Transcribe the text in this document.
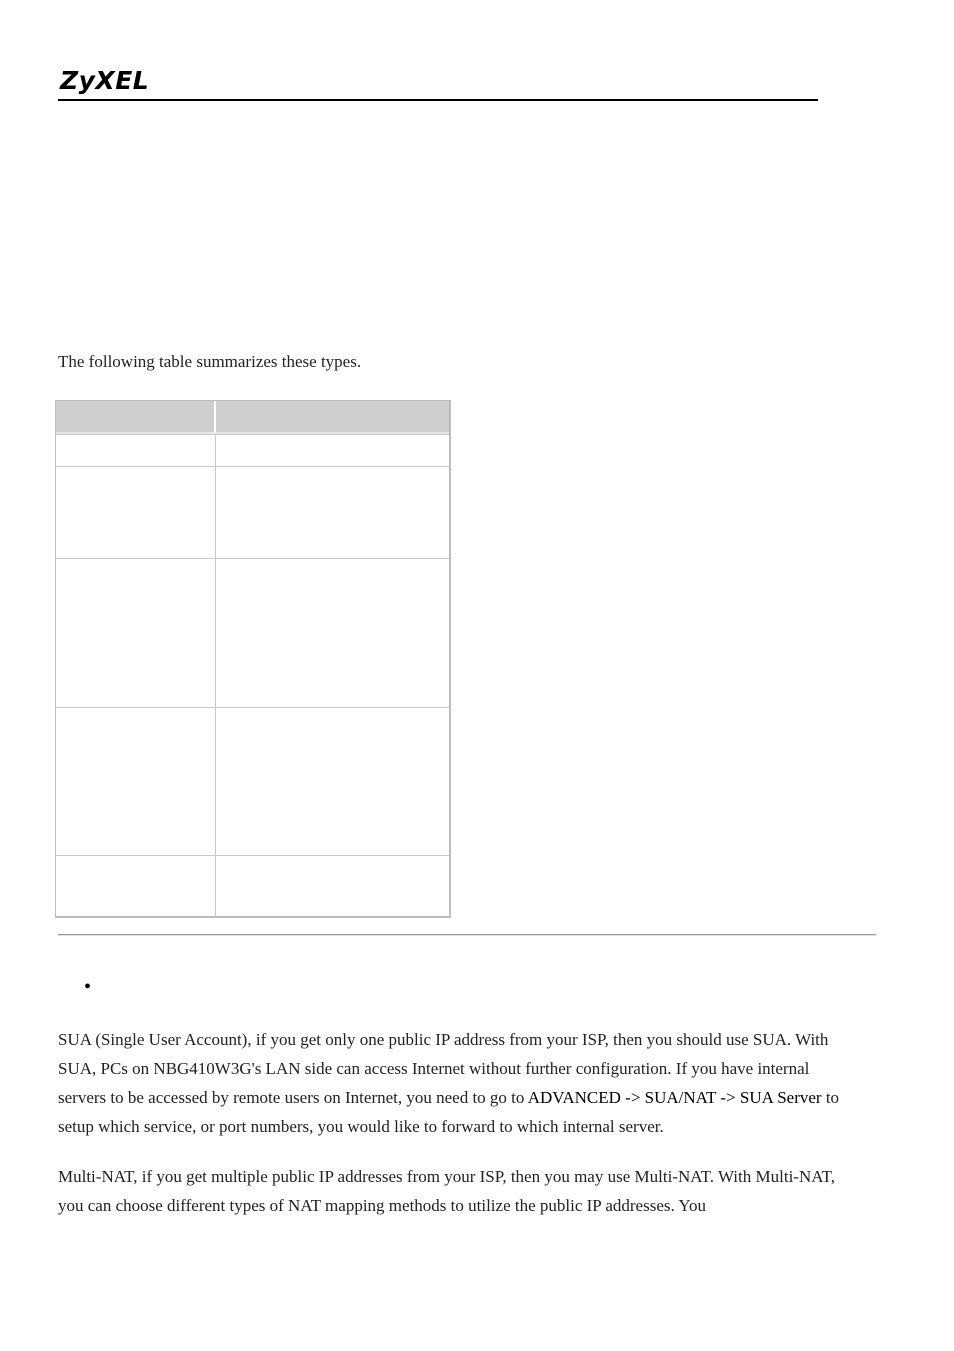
ZyXEL

The following table summarizes these types.

•

SUA (Single User Account), if you get only one public IP address from your ISP, then you should use SUA. With SUA, PCs on NBG410W3G's LAN side can access Internet without further configuration. If you have internal servers to be accessed by remote users on Internet, you need to go to ADVANCED -> SUA/NAT -> SUA Server to setup which service, or port numbers, you would like to forward to which internal server.

Multi-NAT, if you get multiple public IP addresses from your ISP, then you may use Multi-NAT. With Multi-NAT, you can choose different types of NAT mapping methods to utilize the public IP addresses. You
